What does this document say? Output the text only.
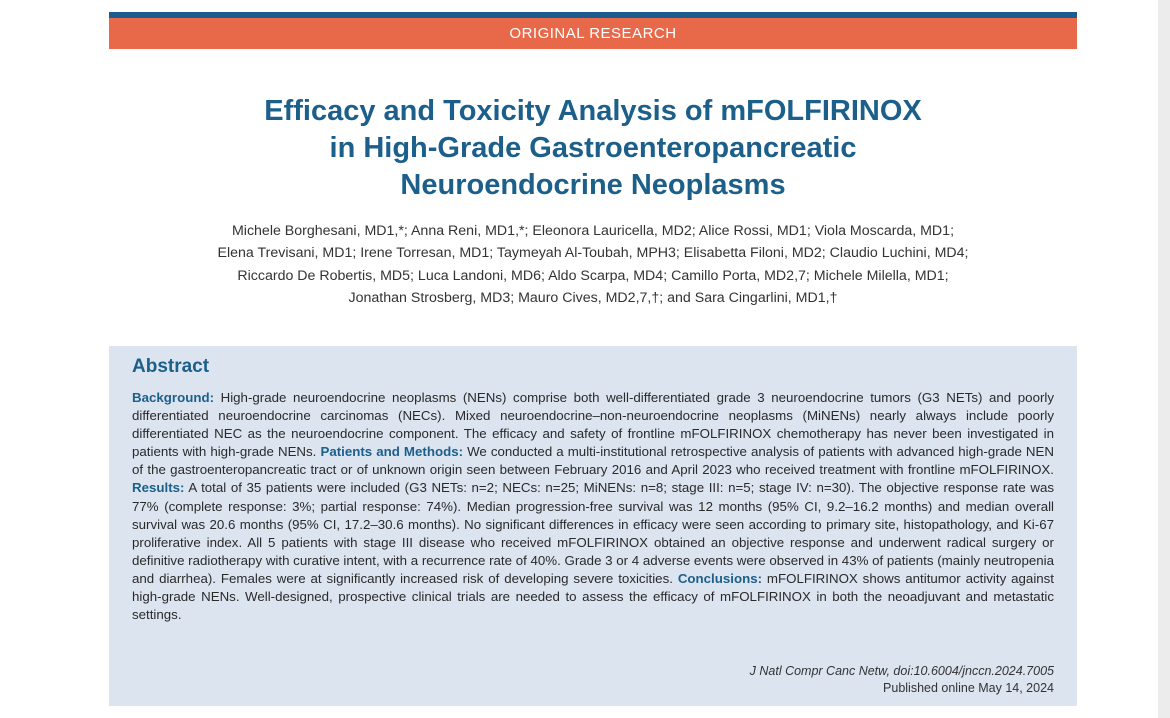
ORIGINAL RESEARCH
Efficacy and Toxicity Analysis of mFOLFIRINOX
in High-Grade Gastroenteropancreatic
Neuroendocrine Neoplasms
Michele Borghesani, MD1,*; Anna Reni, MD1,*; Eleonora Lauricella, MD2; Alice Rossi, MD1; Viola Moscarda, MD1;
Elena Trevisani, MD1; Irene Torresan, MD1; Taymeyah Al-Toubah, MPH3; Elisabetta Filoni, MD2; Claudio Luchini, MD4;
Riccardo De Robertis, MD5; Luca Landoni, MD6; Aldo Scarpa, MD4; Camillo Porta, MD2,7; Michele Milella, MD1;
Jonathan Strosberg, MD3; Mauro Cives, MD2,7,†; and Sara Cingarlini, MD1,†
Abstract

Background: High-grade neuroendocrine neoplasms (NENs) comprise both well-differentiated grade 3 neuroendocrine tumors (G3 NETs) and poorly differentiated neuroendocrine carcinomas (NECs). Mixed neuroendocrine–non-neuroendocrine neoplasms (MiNENs) nearly always include poorly differentiated NEC as the neuroendocrine component. The efficacy and safety of frontline mFOLFIRINOX chemotherapy has never been investigated in patients with high-grade NENs. Patients and Methods: We conducted a multi-institutional retrospective analysis of patients with advanced high-grade NEN of the gastroenteropancreatic tract or of unknown origin seen between February 2016 and April 2023 who received treatment with frontline mFOLFIRINOX. Results: A total of 35 patients were included (G3 NETs: n=2; NECs: n=25; MiNENs: n=8; stage III: n=5; stage IV: n=30). The objective response rate was 77% (complete response: 3%; partial response: 74%). Median progression-free survival was 12 months (95% CI, 9.2–16.2 months) and median overall survival was 20.6 months (95% CI, 17.2–30.6 months). No significant differences in efficacy were seen according to primary site, histopathology, and Ki-67 proliferative index. All 5 patients with stage III disease who received mFOLFIRINOX obtained an objective response and underwent radical surgery or definitive radiotherapy with curative intent, with a recurrence rate of 40%. Grade 3 or 4 adverse events were observed in 43% of patients (mainly neutropenia and diarrhea). Females were at significantly increased risk of developing severe toxicities. Conclusions: mFOLFIRINOX shows antitumor activity against high-grade NENs. Well-designed, prospective clinical trials are needed to assess the efficacy of mFOLFIRINOX in both the neoadjuvant and metastatic settings.

J Natl Compr Canc Netw, doi:10.6004/jnccn.2024.7005
Published online May 14, 2024
